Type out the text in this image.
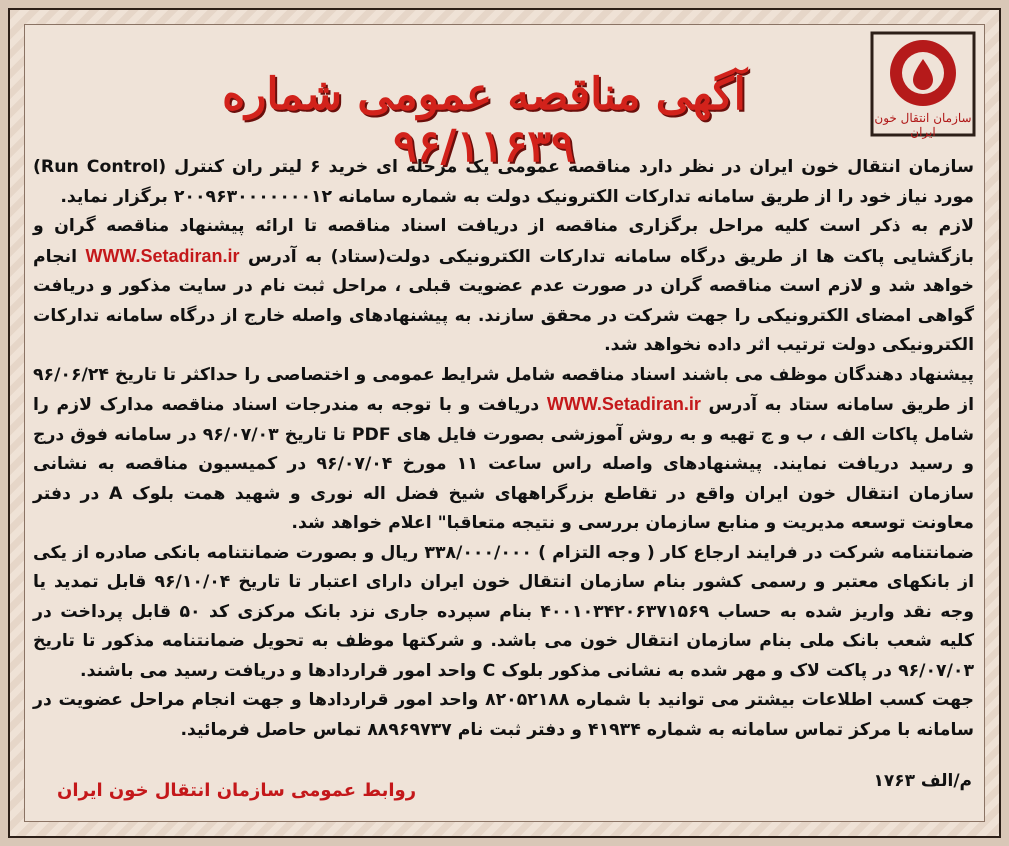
سازمان انتقال خون ایران
آگهی مناقصه عمومی شماره ۹۶/۱۱۶۳۹

سازمان انتقال خون ایران در نظر دارد مناقصه عمومی یک مرحله ای خرید ۶ لیتر ران کنترل (Run Control) مورد نیاز خود را از طریق سامانه تدارکات الکترونیک دولت به شماره سامانه ۲۰۰۹۶۳۰۰۰۰۰۰۰۱۲ برگزار نماید.

لازم به ذکر است کلیه مراحل برگزاری مناقصه از دریافت اسناد مناقصه تا ارائه پیشنهاد مناقصه گران و بازگشایی پاکت ها از طریق درگاه سامانه تدارکات الکترونیکی دولت(ستاد) به آدرس WWW.Setadiran.ir انجام خواهد شد و لازم است مناقصه گران در صورت عدم عضویت قبلی ، مراحل ثبت نام در سایت مذکور و دریافت گواهی امضای الکترونیکی را جهت شرکت در محقق سازند. به پیشنهادهای واصله خارج از درگاه سامانه تدارکات الکترونیکی دولت ترتیب اثر داده نخواهد شد.

پیشنهاد دهندگان موظف می باشند اسناد مناقصه شامل شرایط عمومی و اختصاصی را حداکثر تا تاریخ ۹۶/۰۶/۲۴ از طریق سامانه ستاد به آدرس WWW.Setadiran.ir دریافت و با توجه به مندرجات اسناد مناقصه مدارک لازم را شامل پاکات الف ، ب و ج تهیه و به روش آموزشی بصورت فایل های PDF تا تاریخ ۹۶/۰۷/۰۳ در سامانه فوق درج و رسید دریافت نمایند. پیشنهادهای واصله راس ساعت ۱۱ مورخ ۹۶/۰۷/۰۴ در کمیسیون مناقصه به نشانی سازمان انتقال خون ایران واقع در تقاطع بزرگراههای شیخ فضل اله نوری و شهید همت بلوک A در دفتر معاونت توسعه مدیریت و منابع سازمان بررسی و نتیجه متعاقبا" اعلام خواهد شد.

ضمانتنامه شرکت در فرایند ارجاع کار ( وجه التزام ) ۳۳۸/۰۰۰/۰۰۰ ریال و بصورت ضمانتنامه بانکی صادره از یکی از بانکهای معتبر و رسمی کشور بنام سازمان انتقال خون ایران دارای اعتبار تا تاریخ ۹۶/۱۰/۰۴ قابل تمدید یا وجه نقد واریز شده به حساب ۴۰۰۱۰۳۴۲۰۶۳۷۱۵۶۹ بنام سپرده جاری نزد بانک مرکزی کد ۵۰ قابل پرداخت در کلیه شعب بانک ملی بنام سازمان انتقال خون می باشد. و شرکتها موظف به تحویل ضمانتنامه مذکور تا تاریخ ۹۶/۰۷/۰۳ در پاکت لاک و مهر شده به نشانی مذکور بلوک C واحد امور قراردادها و دریافت رسید می باشند.

جهت کسب اطلاعات بیشتر می توانید با شماره ۸۲۰۵۲۱۸۸ واحد امور قراردادها و جهت انجام مراحل عضویت در سامانه با مرکز تماس سامانه به شماره ۴۱۹۳۴ و دفتر ثبت نام ۸۸۹۶۹۷۳۷ تماس حاصل فرمائید.

م/الف ۱۷۶۳
روابط عمومی سازمان انتقال خون ایران
